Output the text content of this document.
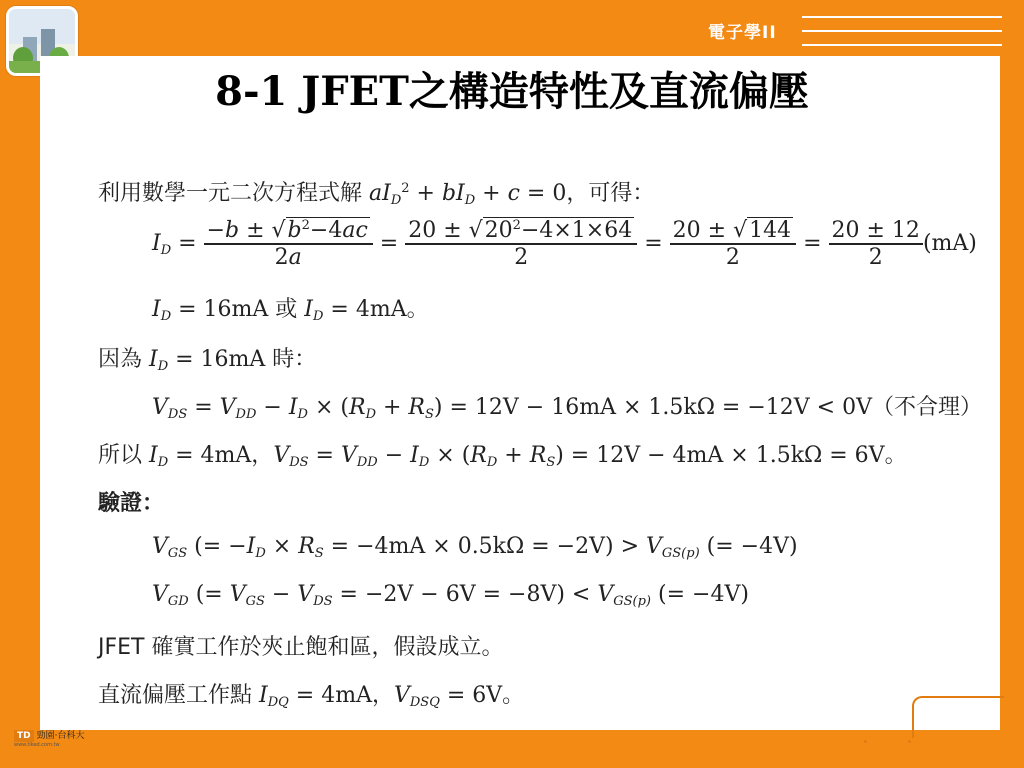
電子學II
8-1 JFET之構造特性及直流偏壓
利用數學一元二次方程式解 $aI_D^2 + bI_D + c = 0$，可得：
$I_D = \frac{-b \pm √b^2-4ac}{2a} = \frac{20 \pm √20^2-4\times 1\times 64}{2} = \frac{20 \pm √144}{2} = \frac{20 \pm 12}{2} (mA)$
$I_D = 16mA$ 或 $I_D = 4mA$。
因為 $I_D = 16mA$ 時：
$V_{DS} = V_{DD} - I_D \times (R_D + R_S) = 12V - 16mA \times 1.5k\Omega = -12V < 0V$（不合理）
所以 $I_D = 4mA$，$V_{DS} = V_{DD} - I_D \times (R_D + R_S) = 12V - 4mA \times 1.5k\Omega = 6V$。
驗證：
$V_{GS}$ (= $-I_D \times R_S = -4mA \times 0.5k\Omega = -2V) > V_{GS(p)}$ (= −4V)
$V_{GD}$ (= $V_{GS} - V_{DS} = -2V - 6V = -8V) < V_{GS(p)}$ (= −4V)
JFET 確實工作於夾止飽和區，假設成立。
直流偏壓工作點 $I_{DQ} = 4mA$，$V_{DSQ} = 6V$。
TD 勁園·台科大
www.tiked.com.tw
